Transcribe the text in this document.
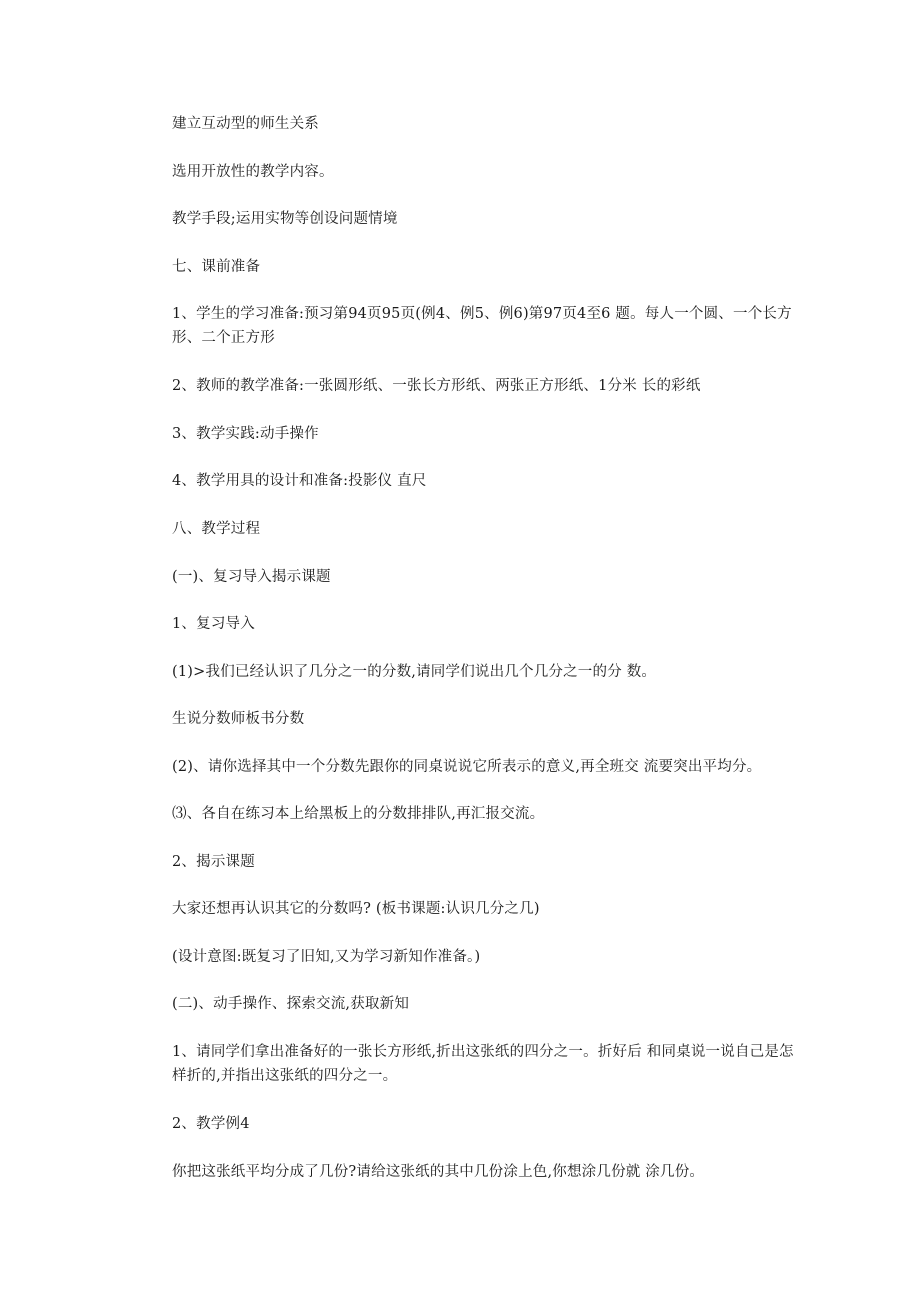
建立互动型的师生关系
选用开放性的教学内容。
教学手段;运用实物等创设问题情境
七、课前准备
1、学生的学习准备:预习第94页95页(例4、例5、例6)第97页4至6 题。每人一个圆、一个长方形、二个正方形
2、教师的教学准备:一张圆形纸、一张长方形纸、两张正方形纸、1分米 长的彩纸
3、教学实践:动手操作
4、教学用具的设计和准备:投影仪 直尺
八、教学过程
(一)、复习导入揭示课题
1、复习导入
(1)>我们已经认识了几分之一的分数,请同学们说出几个几分之一的分 数。
生说分数师板书分数
(2)、请你选择其中一个分数先跟你的同桌说说它所表示的意义,再全班交 流要突出平均分。
⑶、各自在练习本上给黑板上的分数排排队,再汇报交流。
2、揭示课题
大家还想再认识其它的分数吗? (板书课题:认识几分之几)
(设计意图:既复习了旧知,又为学习新知作准备。)
(二)、动手操作、探索交流,获取新知
1、请同学们拿出准备好的一张长方形纸,折出这张纸的四分之一。折好后 和同桌说一说自己是怎样折的,并指出这张纸的四分之一。
2、教学例4
你把这张纸平均分成了几份?请给这张纸的其中几份涂上色,你想涂几份就 涂几份。
